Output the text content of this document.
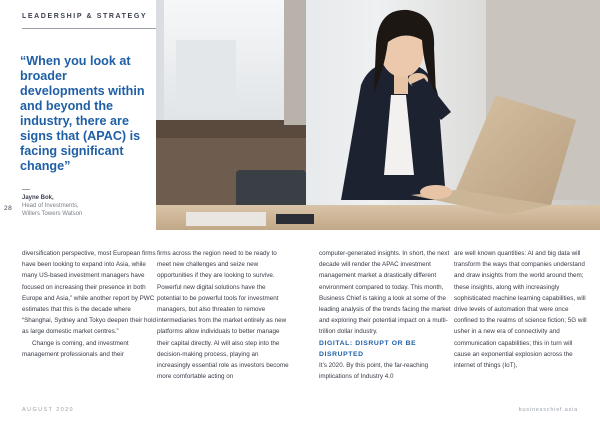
LEADERSHIP & STRATEGY
“When you look at broader developments within and beyond the industry, there are signs that (APAC) is facing significant change”
Jayne Bok,
Head of Investments,
Willers Towers Watson
28

diversification perspective, most European firms have been looking to expand into Asia, while many US-based investment managers have focused on increasing their presence in both Europe and Asia,” while another report by PWC estimates that this is the decade where “Shanghai, Sydney and Tokyo deepen their hold as large domestic market centres.”

Change is coming, and investment management professionals and their

firms across the region need to be ready to meet new challenges and seize new opportunities if they are looking to survive. Powerful new digital solutions have the potential to be powerful tools for investment managers, but also threaten to remove intermediaries from the market entirely as new platforms allow individuals to better manage their capital directly. AI will also step into the decision-making process, playing an increasingly essential role as investors become more comfortable acting on

computer-generated insights. In short, the next decade will render the APAC investment management market a drastically different environment compared to today. This month, Business Chief is taking a look at some of the leading analysis of the trends facing the market and exploring their potential impact on a multi-trillion dollar industry.

DIGITAL: DISRUPT OR BE DISRUPTED

It’s 2020. By this point, the far-reaching implications of Industry 4.0

are well known quantities: AI and big data will transform the ways that companies understand and draw insights from the world around them; these insights, along with increasingly sophisticated machine learning capabilities, will drive levels of automation that were once confined to the realms of science fiction; 5G will usher in a new era of connectivity and communication capabilities; this in turn will cause an exponential explosion across the internet of things (IoT),

AUGUST 2020	businesschief.asia
